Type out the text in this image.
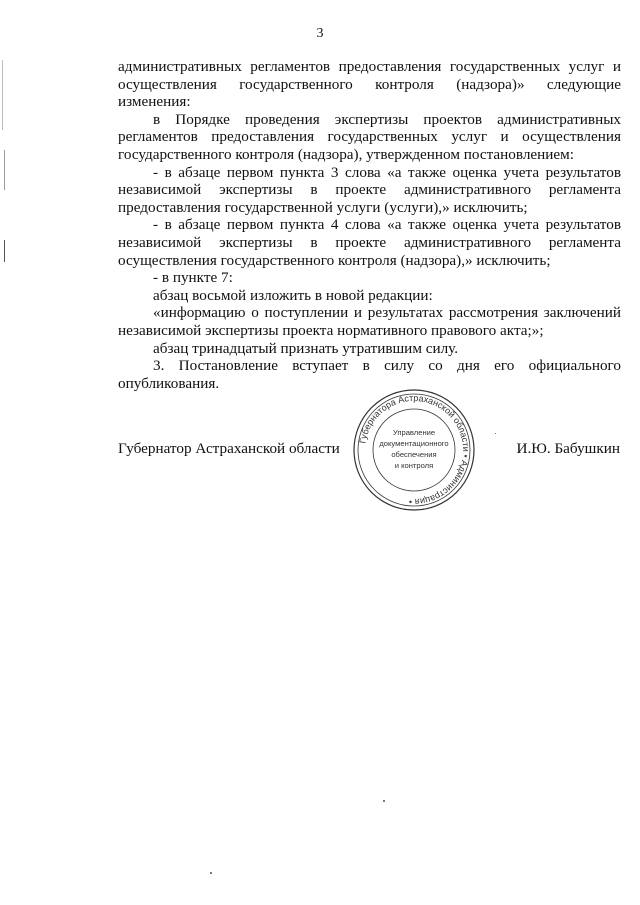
3

административных регламентов предоставления государственных услуг и осуществления государственного контроля (надзора)» следующие изменения:

в Порядке проведения экспертизы проектов административных регламентов предоставления государственных услуг и осуществления государственного контроля (надзора), утвержденном постановлением:

- в абзаце первом пункта 3 слова «а также оценка учета результатов независимой экспертизы в проекте административного регламента предоставления государственной услуги (услуги),» исключить;

- в абзаце первом пункта 4 слова «а также оценка учета результатов независимой экспертизы в проекте административного регламента осуществления государственного контроля (надзора),» исключить;

- в пункте 7:

абзац восьмой изложить в новой редакции:

«информацию о поступлении и результатах рассмотрения заключений независимой экспертизы проекта нормативного правового акта;»;

абзац тринадцатый признать утратившим силу.

3. Постановление вступает в силу со дня его официального опубликования.

Губернатор Астраханской области	И.Ю. Бабушкин
Губернатора Астраханской области • Администрация •
Управление
документационного
обеспечения
и контроля
